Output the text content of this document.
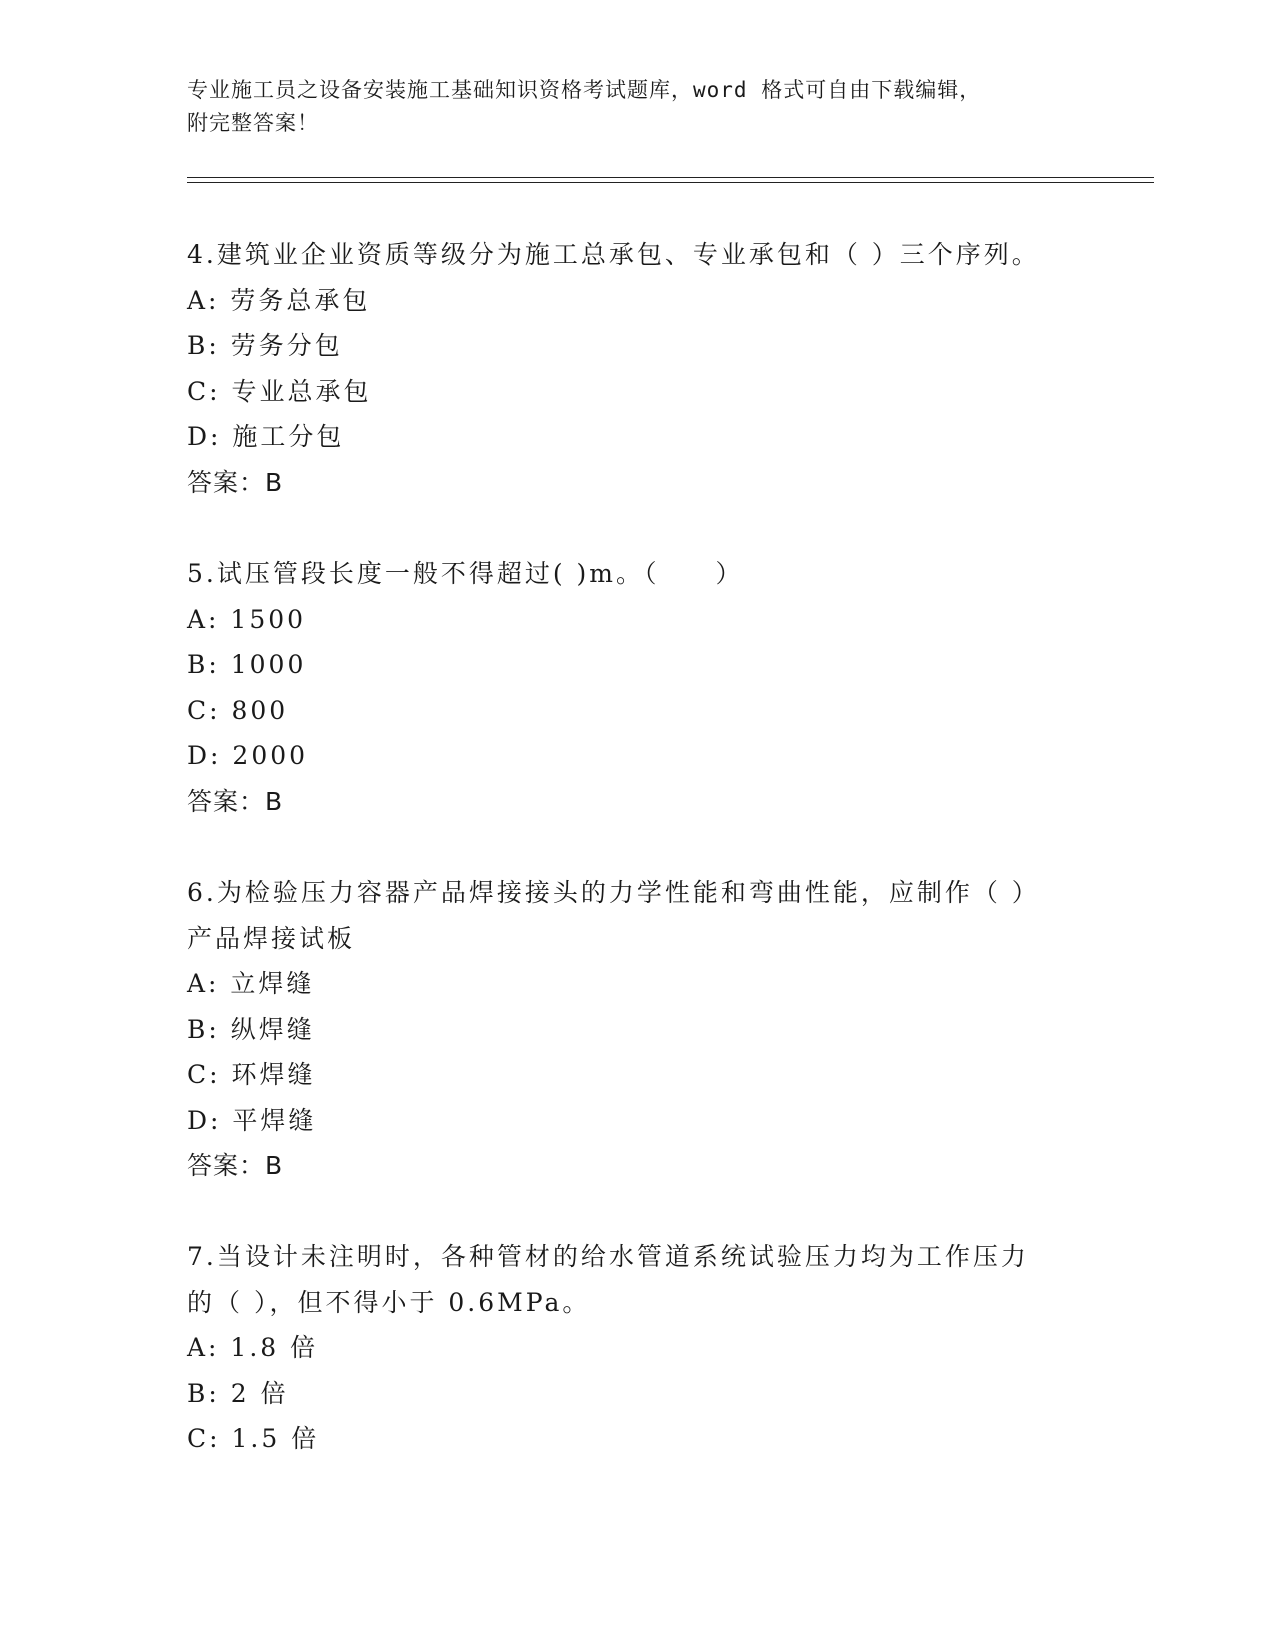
专业施工员之设备安装施工基础知识资格考试题库，word 格式可自由下载编辑，
附完整答案！
4.建筑业企业资质等级分为施工总承包、专业承包和（ ）三个序列。
A: 劳务总承包
B: 劳务分包
C: 专业总承包
D: 施工分包
答案：B
5.试压管段长度一般不得超过( )m。（　　）
A: 1500
B: 1000
C: 800
D: 2000
答案：B
6.为检验压力容器产品焊接接头的力学性能和弯曲性能，应制作（ ）
产品焊接试板
A: 立焊缝
B: 纵焊缝
C: 环焊缝
D: 平焊缝
答案：B
7.当设计未注明时，各种管材的给水管道系统试验压力均为工作压力
的（ ），但不得小于 0.6MPa。
A: 1.8 倍
B: 2 倍
C: 1.5 倍
